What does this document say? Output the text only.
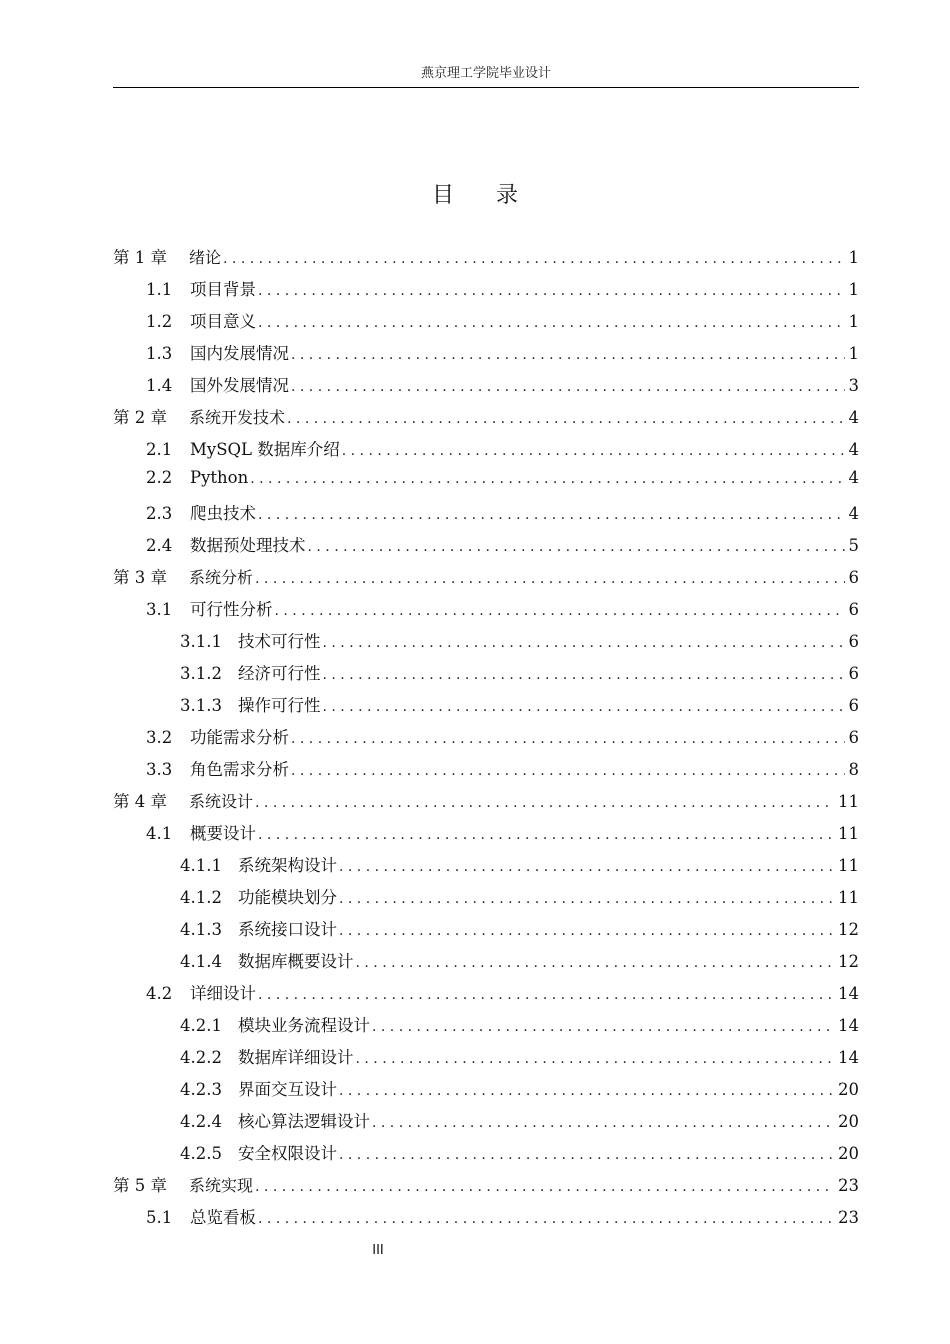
燕京理工学院毕业设计
目录
第 1 章	绪论 . . .	1
1.1	项目背景 . . .	1
1.2	项目意义 . . .	1
1.3	国内发展情况 . . .	1
1.4	国外发展情况 . . .	3
第 2 章	系统开发技术 . . .	4
2.1	MySQL 数据库介绍 . . .	4
2.2	Python . . .	4
2.3	爬虫技术 . . .	4
2.4	数据预处理技术 . . .	5
第 3 章	系统分析 . . .	6
3.1	可行性分析 . . .	6
3.1.1 技术可行性 . . .	6
3.1.2 经济可行性 . . .	6
3.1.3 操作可行性 . . .	6
3.2	功能需求分析 . . .	6
3.3	角色需求分析 . . .	8
第 4 章	系统设计 . . .	11
4.1	概要设计 . . .	11
4.1.1 系统架构设计 . . .	11
4.1.2 功能模块划分 . . .	11
4.1.3 系统接口设计 . . .	12
4.1.4 数据库概要设计 . . .	12
4.2	详细设计 . . .	14
4.2.1 模块业务流程设计 . . .	14
4.2.2 数据库详细设计 . . .	14
4.2.3 界面交互设计 . . .	20
4.2.4 核心算法逻辑设计 . . .	20
4.2.5 安全权限设计 . . .	20
第 5 章	系统实现 . . .	23
5.1	总览看板 . . .	23
III
